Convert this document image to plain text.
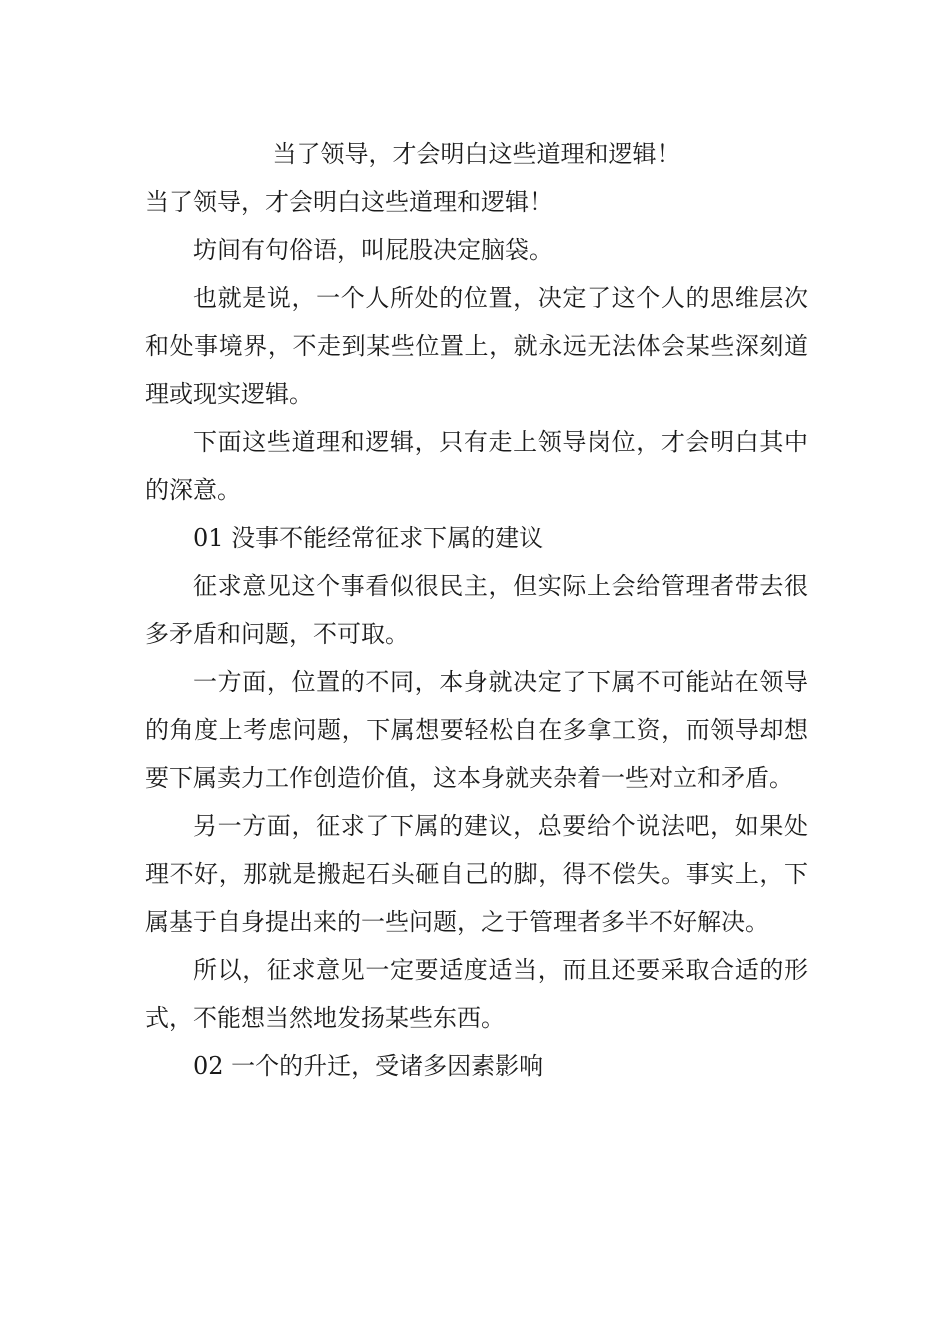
当了领导，才会明白这些道理和逻辑！

当了领导，才会明白这些道理和逻辑！

坊间有句俗语，叫屁股决定脑袋。

也就是说，一个人所处的位置，决定了这个人的思维层次和处事境界，不走到某些位置上，就永远无法体会某些深刻道理或现实逻辑。

下面这些道理和逻辑，只有走上领导岗位，才会明白其中的深意。

01 没事不能经常征求下属的建议

征求意见这个事看似很民主，但实际上会给管理者带去很多矛盾和问题，不可取。

一方面，位置的不同，本身就决定了下属不可能站在领导的角度上考虑问题，下属想要轻松自在多拿工资，而领导却想要下属卖力工作创造价值，这本身就夹杂着一些对立和矛盾。

另一方面，征求了下属的建议，总要给个说法吧，如果处理不好，那就是搬起石头砸自己的脚，得不偿失。事实上，下属基于自身提出来的一些问题，之于管理者多半不好解决。

所以，征求意见一定要适度适当，而且还要采取合适的形式，不能想当然地发扬某些东西。

02 一个的升迁，受诸多因素影响
